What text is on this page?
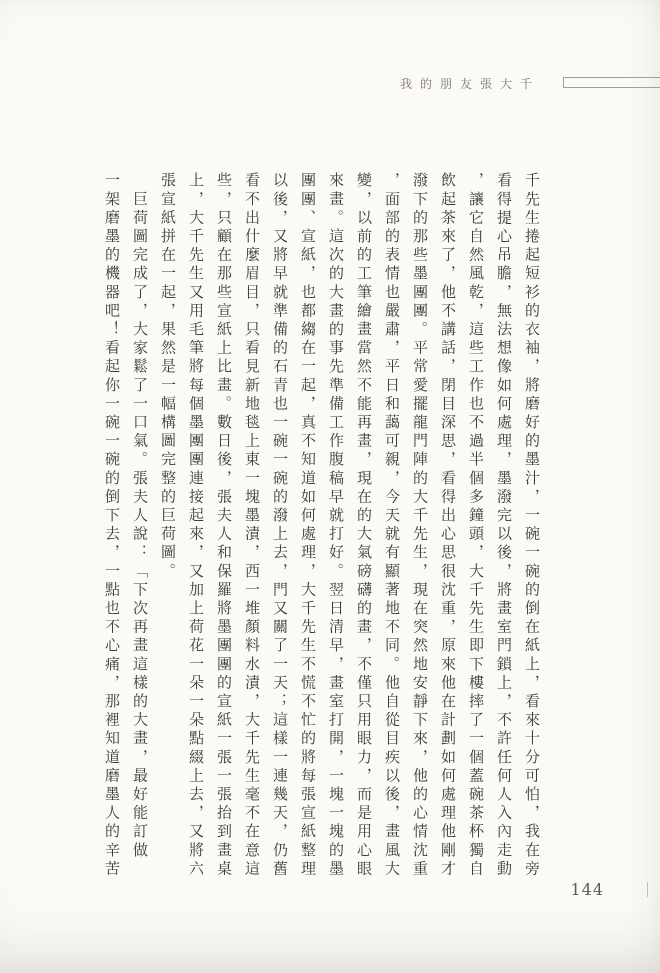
我的朋友張大千
千先生捲起短衫的衣袖，將磨好的墨汁，一碗一碗的倒在紙上，看來十分可怕，我在旁
看得提心吊膽，無法想像如何處理，墨潑完以後，將畫室門鎖上，不許任何人入內走動
，讓它自然風乾，這些工作也不過半個多鐘頭，大千先生即下樓摔了一個蓋碗茶杯獨自
飲起茶來了，他不講話，閉目深思，看得出心思很沈重，原來他在計劃如何處理他剛才
潑下的那些墨團團。平常愛擺龍門陣的大千先生，現在突然地安靜下來，他的心情沈重
，面部的表情也嚴肅，平日和藹可親，今天就有顯著地不同。他自從目疾以後，畫風大
變，以前的工筆繪畫當然不能再畫，現在的大氣磅礴的畫，不僅只用眼力，而是用心眼
來畫。這次的大畫的事先準備工作腹稿早就打好。翌日清早，畫室打開，一塊一塊的墨
團團、宣紙，也都縐在一起，真不知道如何處理，大千先生不慌不忙的將每張宣紙整理
以後，又將早就準備的石青也一碗一碗的潑上去，門又關了一天；這樣一連幾天，仍舊
看不出什麼眉目，只看見新地毯上東一塊墨漬，西一堆顏料水漬，大千先生毫不在意這
些，只顧在那些宣紙上比畫。數日後，張夫人和保羅將墨團團的宣紙一張一張抬到畫桌
上，大千先生又用毛筆將每個墨團團連接起來，又加上荷花一朵一朵點綴上去，又將六
張宣紙拼在一起，果然是一幅構圖完整的巨荷圖。
　巨荷圖完成了，大家鬆了一口氣。張夫人說：「下次再畫這樣的大畫，最好能訂做
一架磨墨的機器吧！看起你一碗一碗的倒下去，一點也不心痛，那裡知道磨墨人的辛苦
144
